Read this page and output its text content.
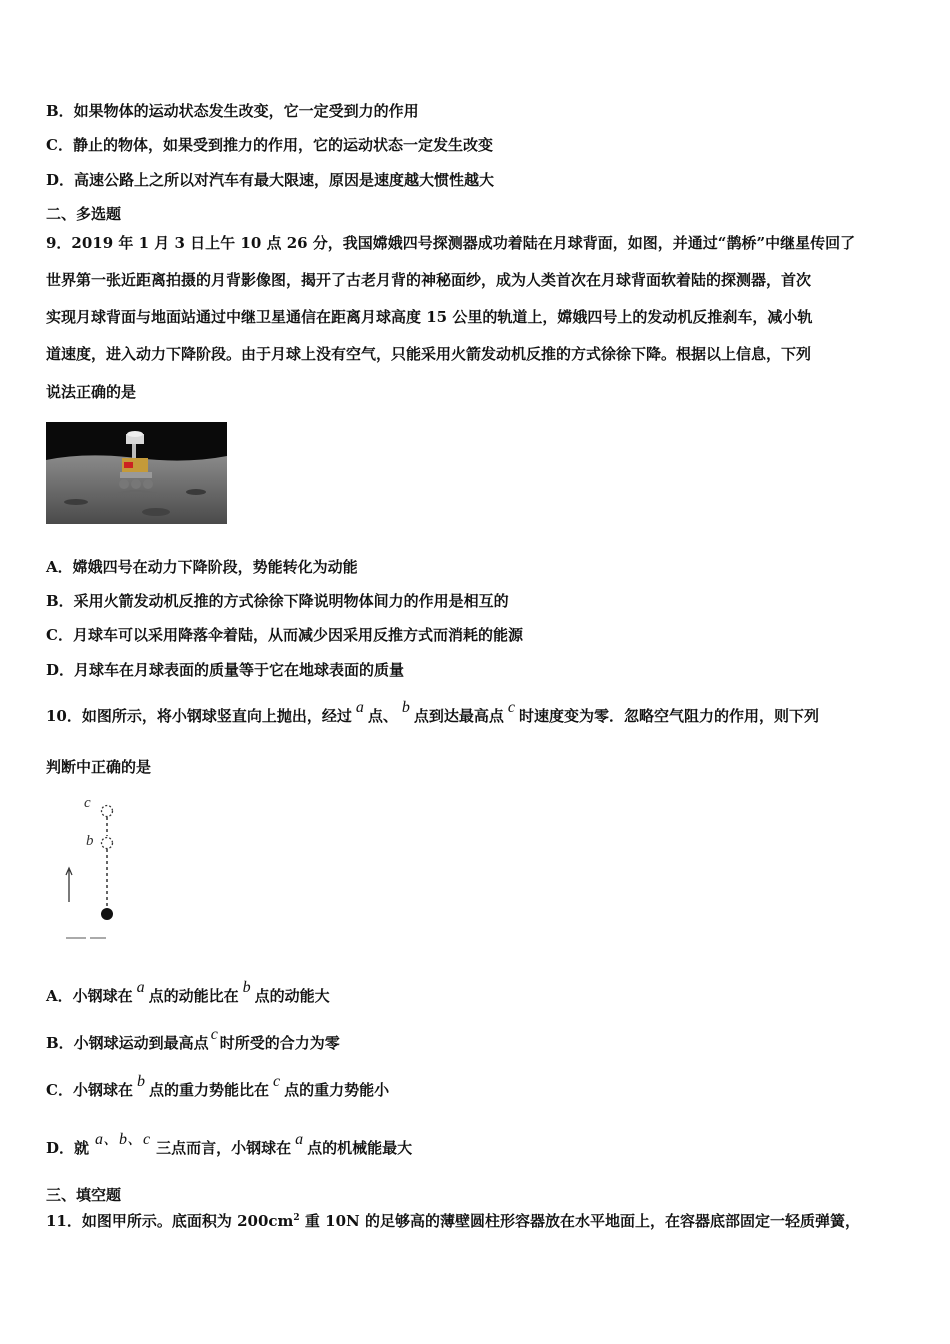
B．如果物体的运动状态发生改变，它一定受到力的作用
C．静止的物体，如果受到推力的作用，它的运动状态一定发生改变
D．高速公路上之所以对汽车有最大限速，原因是速度越大惯性越大
二、多选题
9．2019 年 1 月 3 日上午 10 点 26 分，我国嫦娥四号探测器成功着陆在月球背面，如图，并通过“鹊桥”中继星传回了
世界第一张近距离拍摄的月背影像图，揭开了古老月背的神秘面纱，成为人类首次在月球背面软着陆的探测器，首次
实现月球背面与地面站通过中继卫星通信在距离月球高度 15 公里的轨道上，嫦娥四号上的发动机反推刹车，减小轨
道速度，进入动力下降阶段。由于月球上没有空气，只能采用火箭发动机反推的方式徐徐下降。根据以上信息，下列
说法正确的是
A．嫦娥四号在动力下降阶段，势能转化为动能
B．采用火箭发动机反推的方式徐徐下降说明物体间力的作用是相互的
C．月球车可以采用降落伞着陆，从而减少因采用反推方式而消耗的能源
D．月球车在月球表面的质量等于它在地球表面的质量
10．如图所示，将小钢球竖直向上抛出，经过 a 点、 b 点到达最高点 c 时速度变为零．忽略空气阻力的作用，则下列
判断中正确的是
c
b
A．小钢球在 a 点的动能比在 b 点的动能大
B．小钢球运动到最高点 c 时所受的合力为零
C．小钢球在 b 点的重力势能比在 c 点的重力势能小
D．就 a、b、c 三点而言，小钢球在 a 点的机械能最大
三、填空题
11．如图甲所示。底面积为 $200cm^2$ 重 10N 的足够高的薄壁圆柱形容器放在水平地面上，在容器底部固定一轻质弹簧，
